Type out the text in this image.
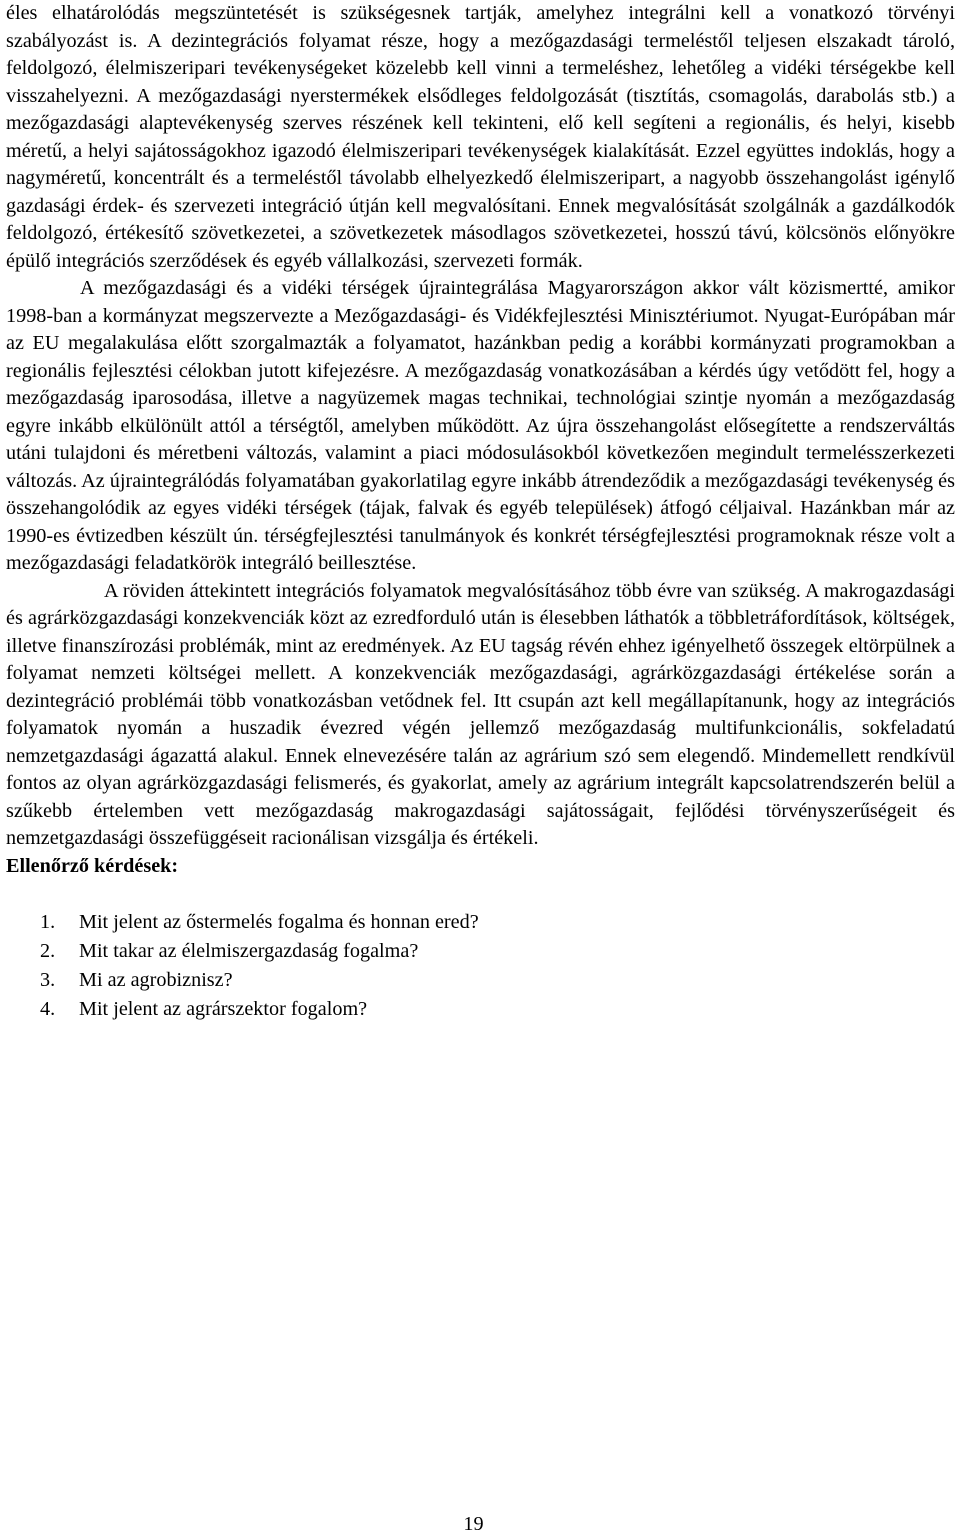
éles elhatárolódás megszüntetését is szükségesnek tartják, amelyhez integrálni kell a vonatkozó törvényi szabályozást is. A dezintegrációs folyamat része, hogy a mezőgazdasági termeléstől teljesen elszakadt tároló, feldolgozó, élelmiszeripari tevékenységeket közelebb kell vinni a termeléshez, lehetőleg a vidéki térségekbe kell visszahelyezni. A mezőgazdasági nyerstermékek elsődleges feldolgozását (tisztítás, csomagolás, darabolás stb.) a mezőgazdasági alaptevékenység szerves részének kell tekinteni, elő kell segíteni a regionális, és helyi, kisebb méretű, a helyi sajátosságokhoz igazodó élelmiszeripari tevékenységek kialakítását. Ezzel együttes indoklás, hogy a nagyméretű, koncentrált és a termeléstől távolabb elhelyezkedő élelmiszeripart, a nagyobb összehangolást igénylő gazdasági érdek- és szervezeti integráció útján kell megvalósítani. Ennek megvalósítását szolgálnák a gazdálkodók feldolgozó, értékesítő szövetkezetei, a szövetkezetek másodlagos szövetkezetei, hosszú távú, kölcsönös előnyökre épülő integrációs szerződések és egyéb vállalkozási, szervezeti formák.

A mezőgazdasági és a vidéki térségek újraintegrálása Magyarországon akkor vált közismertté, amikor 1998-ban a kormányzat megszervezte a Mezőgazdasági- és Vidékfejlesztési Minisztériumot. Nyugat-Európában már az EU megalakulása előtt szorgalmazták a folyamatot, hazánkban pedig a korábbi kormányzati programokban a regionális fejlesztési célokban jutott kifejezésre. A mezőgazdaság vonatkozásában a kérdés úgy vetődött fel, hogy a mezőgazdaság iparosodása, illetve a nagyüzemek magas technikai, technológiai szintje nyomán a mezőgazdaság egyre inkább elkülönült attól a térségtől, amelyben működött. Az újra összehangolást elősegítette a rendszerváltás utáni tulajdoni és méretbeni változás, valamint a piaci módosulásokból következően megindult termelésszerkezeti változás. Az újraintegrálódás folyamatában gyakorlatilag egyre inkább átrendeződik a mezőgazdasági tevékenység és összehangolódik az egyes vidéki térségek (tájak, falvak és egyéb települések) átfogó céljaival. Hazánkban már az 1990-es évtizedben készült ún. térségfejlesztési tanulmányok és konkrét térségfejlesztési programoknak része volt a mezőgazdasági feladatkörök integráló beillesztése.

A röviden áttekintett integrációs folyamatok megvalósításához több évre van szükség. A makrogazdasági és agrárközgazdasági konzekvenciák közt az ezredforduló után is élesebben láthatók a többletráfordítások, költségek, illetve finanszírozási problémák, mint az eredmények. Az EU tagság révén ehhez igényelhető összegek eltörpülnek a folyamat nemzeti költségei mellett. A konzekvenciák mezőgazdasági, agrárközgazdasági értékelése során a dezintegráció problémái több vonatkozásban vetődnek fel. Itt csupán azt kell megállapítanunk, hogy az integrációs folyamatok nyomán a huszadik évezred végén jellemző mezőgazdaság multifunkcionális, sokfeladatú nemzetgazdasági ágazattá alakul. Ennek elnevezésére talán az agrárium szó sem elegendő. Mindemellett rendkívül fontos az olyan agrárközgazdasági felismerés, és gyakorlat, amely az agrárium integrált kapcsolatrendszerén belül a szűkebb értelemben vett mezőgazdaság makrogazdasági sajátosságait, fejlődési törvényszerűségeit és nemzetgazdasági összefüggéseit racionálisan vizsgálja és értékeli.

Ellenőrző kérdések:
1. Mit jelent az őstermelés fogalma és honnan ered?
2. Mit takar az élelmiszergazdaság fogalma?
3. Mi az agrobiznisz?
4. Mit jelent az agrárszektor fogalom?
19
